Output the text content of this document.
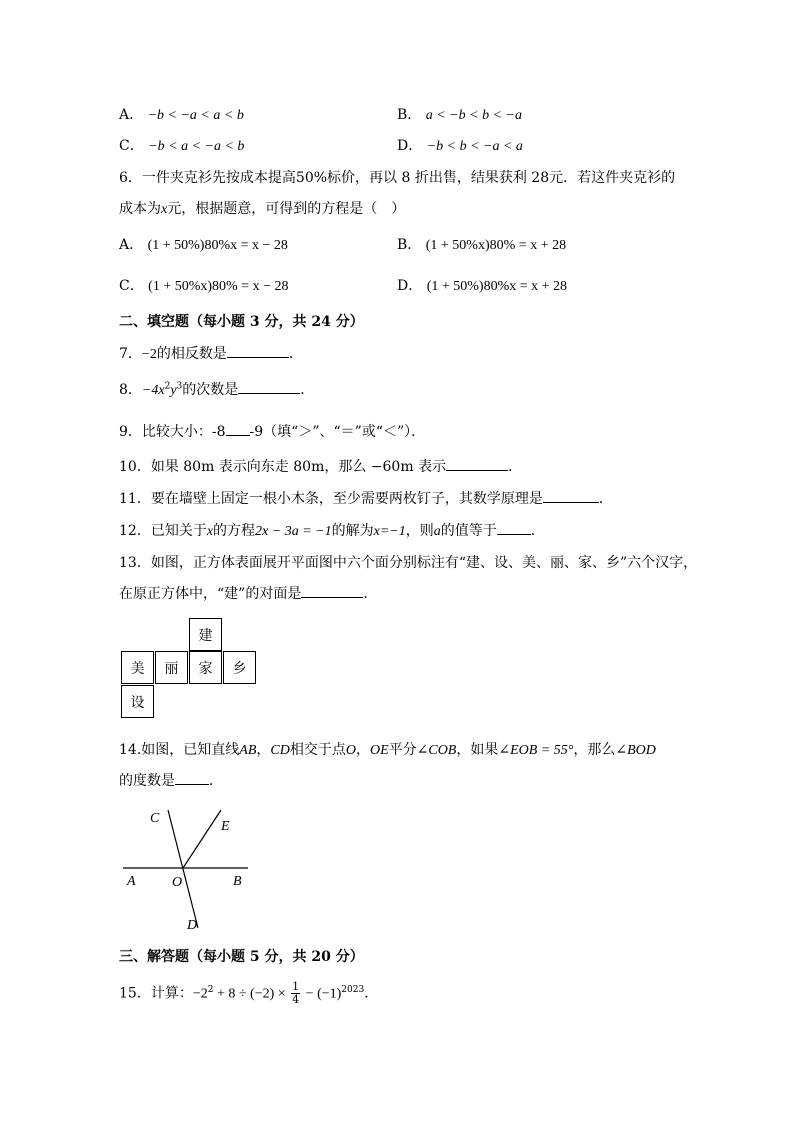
A． −b < −a < a < b	B． a < −b < b < −a
C． −b < a < −a < b	D． −b < b < −a < a
6．一件夹克衫先按成本提高50%标价，再以 8 折出售，结果获利 28元．若这件夹克衫的
成本为x元，根据题意，可得到的方程是（　）
A． (1 + 50%)80%x = x − 28	B． (1 + 50%x)80% = x + 28
C． (1 + 50%x)80% = x − 28	D． (1 + 50%)80%x = x + 28
二、填空题（每小题 3 分，共 24 分）
7．−2的相反数是	．
8．$-4x^2y^3$的次数是	．
9．比较大小：-8 -9（填“＞”、“＝”或“＜”）．
10．如果 80m 表示向东走 80m，那么 −60m 表示	．
11．要在墙壁上固定一根小木条，至少需要两枚钉子，其数学原理是	．
12．已知关于x的方程2x − 3a = −1的解为x=−1，则a的值等于 .
13．如图，正方体表面展开平面图中六个面分别标注有“建、设、美、丽、家、乡”六个汉字，
在原正方体中，“建”的对面是	．
建
美	丽	家	乡
设
14.如图，已知直线AB，CD相交于点O，OE平分∠COB，如果∠EOB = 55°，那么∠BOD
的度数是 ．
C
E
A	O	B
D
三、解答题（每小题 5 分，共 20 分）
15．计算：$-2^2 + 8 \div (-2) \times \frac{1}{4} - (-1)^{2023}$．
